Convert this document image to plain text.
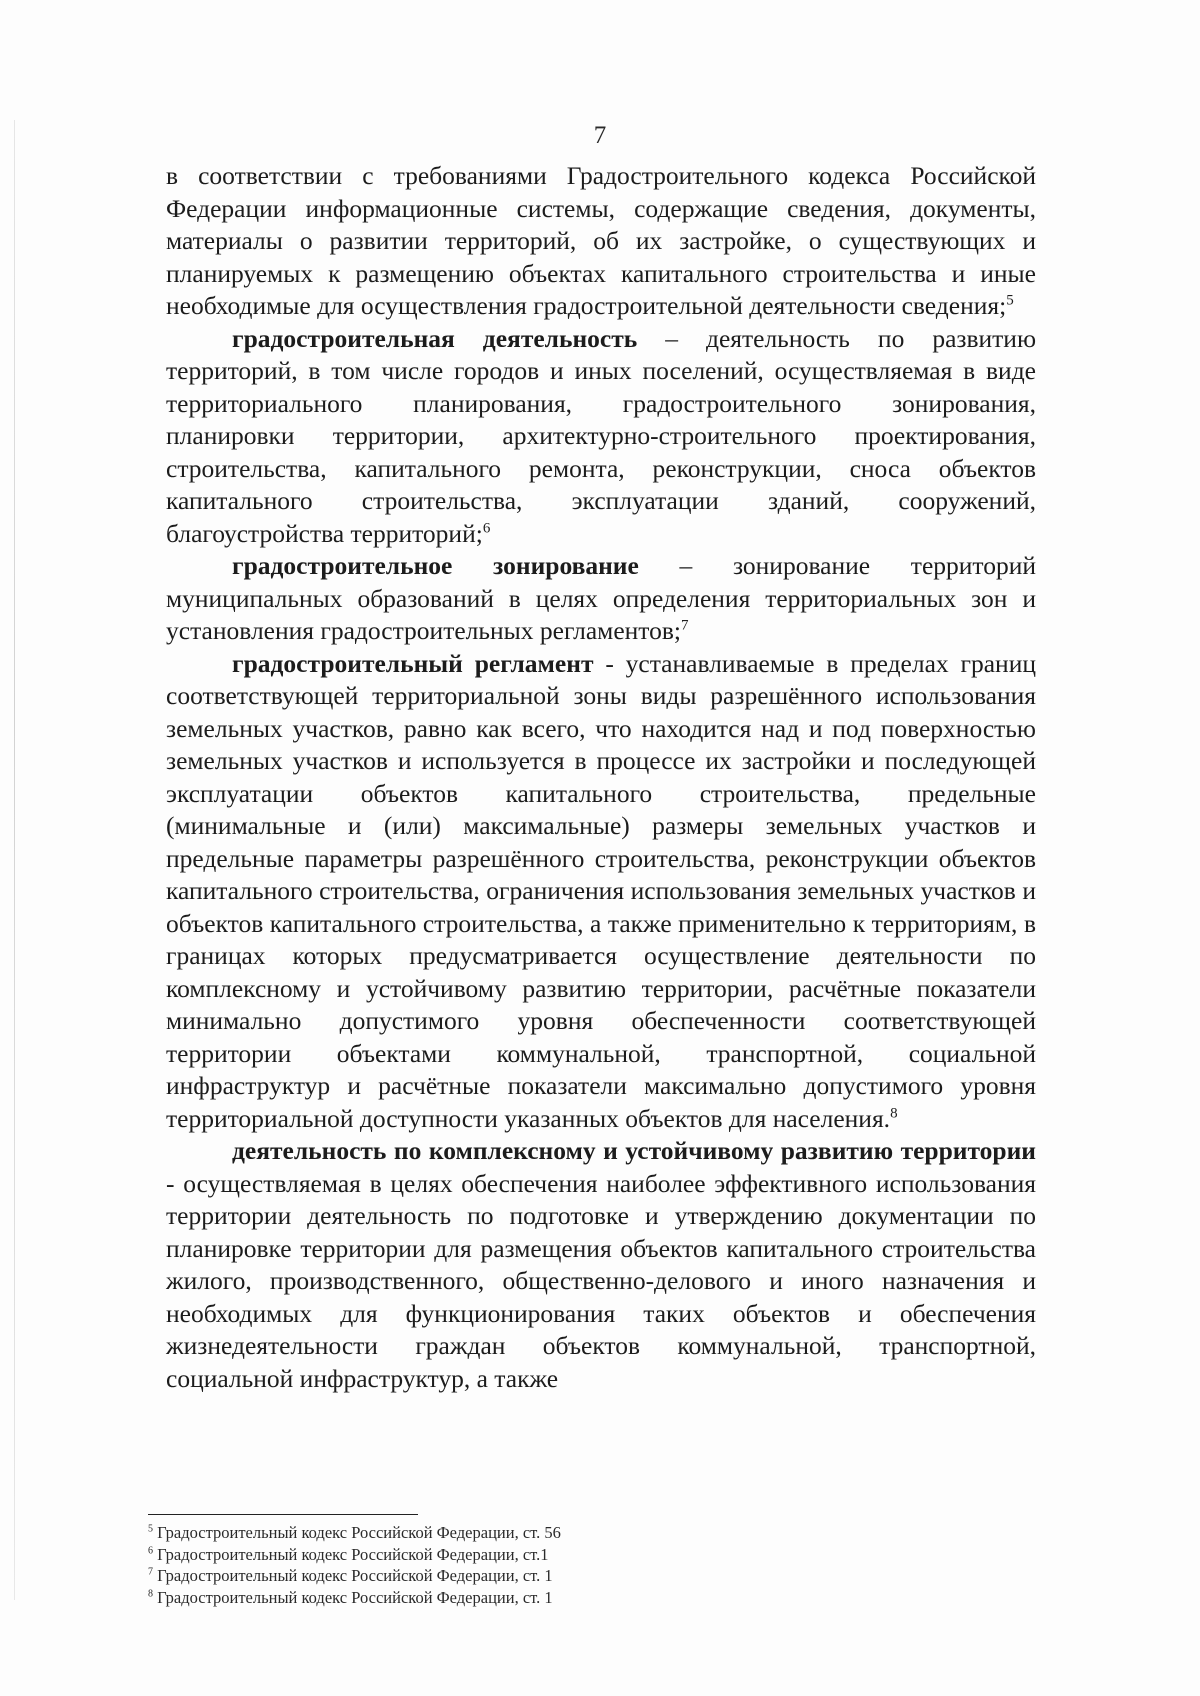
7

в соответствии с требованиями Градостроительного кодекса Российской Федерации информационные системы, содержащие сведения, документы, материалы о развитии территорий, об их застройке, о существующих и планируемых к размещению объектах капитального строительства и иные необходимые для осуществления градостроительной деятельности сведения;$^5$

градостроительная деятельность – деятельность по развитию территорий, в том числе городов и иных поселений, осуществляемая в виде территориального планирования, градостроительного зонирования, планировки территории, архитектурно-строительного проектирования, строительства, капитального ремонта, реконструкции, сноса объектов капитального строительства, эксплуатации зданий, сооружений, благоустройства территорий;$^6$

градостроительное зонирование – зонирование территорий муниципальных образований в целях определения территориальных зон и установления градостроительных регламентов;$^7$

градостроительный регламент - устанавливаемые в пределах границ соответствующей территориальной зоны виды разрешённого использования земельных участков, равно как всего, что находится над и под поверхностью земельных участков и используется в процессе их застройки и последующей эксплуатации объектов капитального строительства, предельные (минимальные и (или) максимальные) размеры земельных участков и предельные параметры разрешённого строительства, реконструкции объектов капитального строительства, ограничения использования земельных участков и объектов капитального строительства, а также применительно к территориям, в границах которых предусматривается осуществление деятельности по комплексному и устойчивому развитию территории, расчётные показатели минимально допустимого уровня обеспеченности соответствующей территории объектами коммунальной, транспортной, социальной инфраструктур и расчётные показатели максимально допустимого уровня территориальной доступности указанных объектов для населения.$^8$

деятельность по комплексному и устойчивому развитию территории - осуществляемая в целях обеспечения наиболее эффективного использования территории деятельность по подготовке и утверждению документации по планировке территории для размещения объектов капитального строительства жилого, производственного, общественно-делового и иного назначения и необходимых для функционирования таких объектов и обеспечения жизнедеятельности граждан объектов коммунальной, транспортной, социальной инфраструктур, а также

$^5$ Градостроительный кодекс Российской Федерации, ст. 56
$^6$ Градостроительный кодекс Российской Федерации, ст.1
$^7$ Градостроительный кодекс Российской Федерации, ст. 1
$^8$ Градостроительный кодекс Российской Федерации, ст. 1
